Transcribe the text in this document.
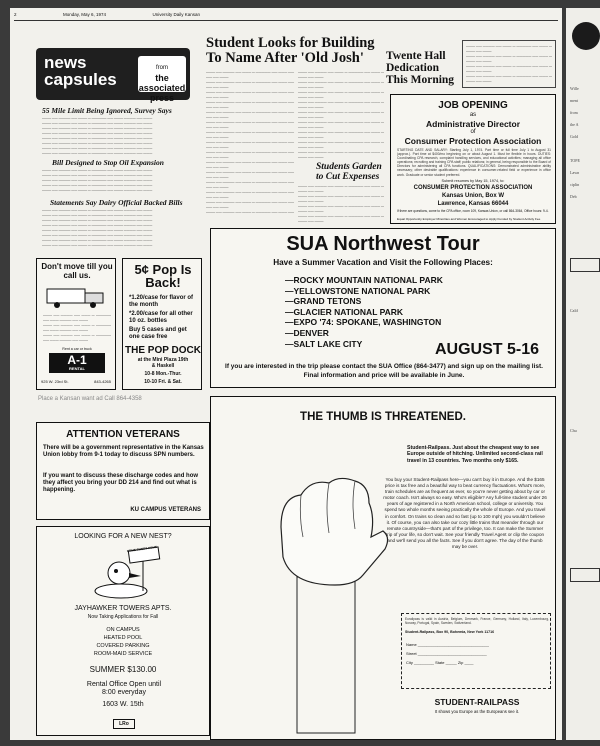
2	Monday, May 6, 1974	University Daily Kansan
news
capsules
from
the associated press
55 Mile Limit Being Ignored, Survey Says
▬▬▬ ▬▬ ▬▬▬▬ ▬▬ ▬▬▬ ▬ ▬▬▬▬▬ ▬▬ ▬▬▬ ▬▬▬▬ ▬▬ ▬▬▬
▬▬▬ ▬▬ ▬▬▬▬ ▬▬ ▬▬▬ ▬ ▬▬▬▬▬ ▬▬ ▬▬▬ ▬▬▬▬ ▬▬ ▬▬▬
▬▬▬ ▬▬ ▬▬▬▬ ▬▬ ▬▬▬ ▬ ▬▬▬▬▬ ▬▬ ▬▬▬ ▬▬▬▬ ▬▬ ▬▬▬
▬▬▬ ▬▬ ▬▬▬▬ ▬▬ ▬▬▬ ▬ ▬▬▬▬▬ ▬▬ ▬▬▬ ▬▬▬▬ ▬▬ ▬▬▬
▬▬▬ ▬▬ ▬▬▬▬ ▬▬ ▬▬▬ ▬ ▬▬▬▬▬ ▬▬ ▬▬▬ ▬▬▬▬ ▬▬ ▬▬▬
▬▬▬ ▬▬ ▬▬▬▬ ▬▬ ▬▬▬ ▬ ▬▬▬▬▬ ▬▬ ▬▬▬ ▬▬▬▬ ▬▬ ▬▬▬
▬▬▬ ▬▬ ▬▬▬▬ ▬▬ ▬▬▬ ▬ ▬▬▬▬▬ ▬▬ ▬▬▬ ▬▬▬▬ ▬▬ ▬▬▬
▬▬▬ ▬▬ ▬▬▬▬ ▬▬ ▬▬▬ ▬ ▬▬▬▬▬ ▬▬ ▬▬▬ ▬▬▬▬ ▬▬ ▬▬▬

Bill Designed to Stop Oil Expansion
▬▬▬ ▬▬ ▬▬▬▬ ▬▬ ▬▬▬ ▬ ▬▬▬▬▬ ▬▬ ▬▬▬ ▬▬▬▬ ▬▬ ▬▬▬
▬▬▬ ▬▬ ▬▬▬▬ ▬▬ ▬▬▬ ▬ ▬▬▬▬▬ ▬▬ ▬▬▬ ▬▬▬▬ ▬▬ ▬▬▬
▬▬▬ ▬▬ ▬▬▬▬ ▬▬ ▬▬▬ ▬ ▬▬▬▬▬ ▬▬ ▬▬▬ ▬▬▬▬ ▬▬ ▬▬▬
▬▬▬ ▬▬ ▬▬▬▬ ▬▬ ▬▬▬ ▬ ▬▬▬▬▬ ▬▬ ▬▬▬ ▬▬▬▬ ▬▬ ▬▬▬
▬▬▬ ▬▬ ▬▬▬▬ ▬▬ ▬▬▬ ▬ ▬▬▬▬▬ ▬▬ ▬▬▬ ▬▬▬▬ ▬▬ ▬▬▬

Statements Say Dairy Official Backed Bills
▬▬▬ ▬▬ ▬▬▬▬ ▬▬ ▬▬▬ ▬ ▬▬▬▬▬ ▬▬ ▬▬▬ ▬▬▬▬ ▬▬ ▬▬▬
▬▬▬ ▬▬ ▬▬▬▬ ▬▬ ▬▬▬ ▬ ▬▬▬▬▬ ▬▬ ▬▬▬ ▬▬▬▬ ▬▬ ▬▬▬
▬▬▬ ▬▬ ▬▬▬▬ ▬▬ ▬▬▬ ▬ ▬▬▬▬▬ ▬▬ ▬▬▬ ▬▬▬▬ ▬▬ ▬▬▬
▬▬▬ ▬▬ ▬▬▬▬ ▬▬ ▬▬▬ ▬ ▬▬▬▬▬ ▬▬ ▬▬▬ ▬▬▬▬ ▬▬ ▬▬▬
▬▬▬ ▬▬ ▬▬▬▬ ▬▬ ▬▬▬ ▬ ▬▬▬▬▬ ▬▬ ▬▬▬ ▬▬▬▬ ▬▬ ▬▬▬
▬▬▬ ▬▬ ▬▬▬▬ ▬▬ ▬▬▬ ▬ ▬▬▬▬▬ ▬▬ ▬▬▬ ▬▬▬▬ ▬▬ ▬▬▬
▬▬▬ ▬▬ ▬▬▬▬ ▬▬ ▬▬▬ ▬ ▬▬▬▬▬ ▬▬ ▬▬▬ ▬▬▬▬ ▬▬ ▬▬▬
▬▬▬ ▬▬ ▬▬▬▬ ▬▬ ▬▬▬ ▬ ▬▬▬▬▬ ▬▬ ▬▬▬ ▬▬▬▬ ▬▬ ▬▬▬

Student Looks for Building To Name After 'Old Josh'
▬▬▬ ▬▬ ▬▬▬▬ ▬▬ ▬▬▬ ▬ ▬▬▬▬▬ ▬▬ ▬▬▬ ▬▬▬▬ ▬▬ ▬▬▬
▬▬▬ ▬▬ ▬▬▬▬ ▬▬ ▬▬▬ ▬ ▬▬▬▬▬ ▬▬ ▬▬▬ ▬▬▬▬ ▬▬ ▬▬▬
▬▬▬ ▬▬ ▬▬▬▬ ▬▬ ▬▬▬ ▬ ▬▬▬▬▬ ▬▬ ▬▬▬ ▬▬▬▬ ▬▬ ▬▬▬
▬▬▬ ▬▬ ▬▬▬▬ ▬▬ ▬▬▬ ▬ ▬▬▬▬▬ ▬▬ ▬▬▬ ▬▬▬▬ ▬▬ ▬▬▬
▬▬▬ ▬▬ ▬▬▬▬ ▬▬ ▬▬▬ ▬ ▬▬▬▬▬ ▬▬ ▬▬▬ ▬▬▬▬ ▬▬ ▬▬▬
▬▬▬ ▬▬ ▬▬▬▬ ▬▬ ▬▬▬ ▬ ▬▬▬▬▬ ▬▬ ▬▬▬ ▬▬▬▬ ▬▬ ▬▬▬
▬▬▬ ▬▬ ▬▬▬▬ ▬▬ ▬▬▬ ▬ ▬▬▬▬▬ ▬▬ ▬▬▬ ▬▬▬▬ ▬▬ ▬▬▬
▬▬▬ ▬▬ ▬▬▬▬ ▬▬ ▬▬▬ ▬ ▬▬▬▬▬ ▬▬ ▬▬▬ ▬▬▬▬ ▬▬ ▬▬▬
▬▬▬ ▬▬ ▬▬▬▬ ▬▬ ▬▬▬ ▬ ▬▬▬▬▬ ▬▬ ▬▬▬ ▬▬▬▬ ▬▬ ▬▬▬
▬▬▬ ▬▬ ▬▬▬▬ ▬▬ ▬▬▬ ▬ ▬▬▬▬▬ ▬▬ ▬▬▬ ▬▬▬▬ ▬▬ ▬▬▬
▬▬▬ ▬▬ ▬▬▬▬ ▬▬ ▬▬▬ ▬ ▬▬▬▬▬ ▬▬ ▬▬▬ ▬▬▬▬ ▬▬ ▬▬▬
▬▬▬ ▬▬ ▬▬▬▬ ▬▬ ▬▬▬ ▬ ▬▬▬▬▬ ▬▬ ▬▬▬ ▬▬▬▬ ▬▬ ▬▬▬
▬▬▬ ▬▬ ▬▬▬▬ ▬▬ ▬▬▬ ▬ ▬▬▬▬▬ ▬▬ ▬▬▬ ▬▬▬▬ ▬▬ ▬▬▬
▬▬▬ ▬▬ ▬▬▬▬ ▬▬ ▬▬▬ ▬ ▬▬▬▬▬ ▬▬ ▬▬▬ ▬▬▬▬ ▬▬ ▬▬▬
▬▬▬ ▬▬ ▬▬▬▬ ▬▬ ▬▬▬ ▬ ▬▬▬▬▬ ▬▬ ▬▬▬ ▬▬

▬▬▬ ▬▬ ▬▬▬▬ ▬▬ ▬▬▬ ▬ ▬▬▬▬▬ ▬▬ ▬▬▬ ▬▬▬▬ ▬▬ ▬▬▬
▬▬▬ ▬▬ ▬▬▬▬ ▬▬ ▬▬▬ ▬ ▬▬▬▬▬ ▬▬ ▬▬▬ ▬▬▬▬ ▬▬ ▬▬▬
▬▬▬ ▬▬ ▬▬▬▬ ▬▬ ▬▬▬ ▬ ▬▬▬▬▬ ▬▬ ▬▬▬ ▬▬▬▬ ▬▬ ▬▬▬
▬▬▬ ▬▬ ▬▬▬▬ ▬▬ ▬▬▬ ▬ ▬▬▬▬▬ ▬▬ ▬▬▬ ▬▬▬▬ ▬▬ ▬▬▬
▬▬▬ ▬▬ ▬▬▬▬ ▬▬ ▬▬▬ ▬ ▬▬▬▬▬ ▬▬ ▬▬▬ ▬▬▬▬ ▬▬ ▬▬▬
▬▬▬ ▬▬ ▬▬▬▬ ▬▬ ▬▬▬ ▬ ▬▬▬▬▬ ▬▬ ▬▬▬ ▬▬▬▬ ▬▬ ▬▬▬
▬▬▬ ▬▬ ▬▬▬▬ ▬▬ ▬▬▬ ▬ ▬▬▬▬▬ ▬▬ ▬▬▬ ▬▬▬▬ ▬▬ ▬▬▬
▬▬▬ ▬▬ ▬▬▬▬ ▬▬ ▬▬▬ ▬ ▬▬▬▬▬ ▬▬ ▬▬▬ ▬▬▬▬ ▬▬ ▬▬▬
▬▬▬ ▬▬ ▬▬▬▬ ▬▬ ▬▬▬ ▬ ▬▬▬▬▬ ▬▬ ▬▬▬ ▬▬▬▬ ▬▬ ▬▬▬

Students Garden to Cut Expenses
▬▬▬ ▬▬ ▬▬▬▬ ▬▬ ▬▬▬ ▬ ▬▬▬▬▬ ▬▬ ▬▬▬ ▬▬▬▬ ▬▬ ▬▬▬
▬▬▬ ▬▬ ▬▬▬▬ ▬▬ ▬▬▬ ▬ ▬▬▬▬▬ ▬▬ ▬▬▬ ▬▬▬▬ ▬▬ ▬▬▬
▬▬▬ ▬▬ ▬▬▬▬ ▬▬ ▬▬▬ ▬ ▬▬▬▬▬ ▬▬ ▬▬▬ ▬▬▬▬ ▬▬ ▬▬▬
▬▬▬ ▬▬ ▬▬▬▬ ▬▬ ▬▬▬ ▬ ▬▬▬▬▬ ▬▬ ▬▬▬ ▬▬▬▬ ▬▬ ▬▬▬

Twente Hall Dedication This Morning
▬▬▬ ▬▬ ▬▬▬▬ ▬▬ ▬▬▬ ▬ ▬▬▬▬▬ ▬▬ ▬▬▬ ▬▬▬▬ ▬▬ ▬▬▬
▬▬▬ ▬▬ ▬▬▬▬ ▬▬ ▬▬▬ ▬ ▬▬▬▬▬ ▬▬ ▬▬▬ ▬▬▬▬ ▬▬ ▬▬▬
▬▬▬ ▬▬ ▬▬▬▬ ▬▬ ▬▬▬ ▬ ▬▬▬▬▬ ▬▬ ▬▬▬ ▬▬▬▬ ▬▬ ▬▬▬
▬▬▬ ▬▬ ▬▬▬▬ ▬▬ ▬▬▬ ▬ ▬▬▬▬▬ ▬▬ ▬▬▬ ▬▬▬▬ ▬▬ ▬▬▬

JOB OPENING
as
Administrative Director
of
Consumer Protection Association
STARTING DATE AND SALARY: Starting July 1, 1974. Part time or full time July 1 to August 31 (approx.). Part time at $400/mo beginning on or about August 1. Must be flexible in hours. DUTIES: Coordinating CPA research, complaint handling services, and educational activities; managing all office operations; recruiting and training CPA staff; public relations; in general, being responsible to the Board of Directors for administering all CPA functions. QUALIFICATIONS: Demonstrated administrative ability necessary; other desirable qualifications: experience in consumer-related field or experience in office work. Graduate or senior student preferred.
Submit resumes by May 15, 1974, to:
CONSUMER PROTECTION ASSOCIATION
Kansas Union, Box W
Lawrence, Kansas 66044
If there are questions, come to the CPA office, room 109, Kansas Union, or call 864-3064, Office hours: 9-4.
Equal Opportunity Employer Minorities and Women Encouraged to Apply Funded by Student Activity Fee
Don't move till you call us.
▬▬▬ ▬▬ ▬▬▬▬ ▬▬ ▬▬▬ ▬ ▬▬▬▬▬ ▬▬ ▬▬▬ ▬▬▬▬ ▬▬ ▬▬▬
▬▬▬ ▬▬ ▬▬▬▬ ▬▬ ▬▬▬ ▬ ▬▬▬▬▬ ▬▬ ▬▬▬ ▬▬▬▬ ▬▬ ▬▬▬
▬▬▬ ▬▬ ▬▬▬▬ ▬▬ ▬▬▬ ▬ ▬▬▬▬▬ ▬▬ ▬▬▬ ▬▬▬▬ ▬▬ ▬▬▬
▬▬▬ ▬▬ ▬▬▬▬ ▬▬ ▬▬▬ ▬ ▬▬▬▬▬

Rent a car or truck
A-1
RENTAL
925 W. 23rd St.	843-4265
5¢ Pop Is Back!
*1.20/case for flavor of the month
*2.00/case for all other 10 oz. bottles
Buy 5 cases and get one case free
THE POP DOCK
at the Mini Plaza 19th & Haskell
10-8 Mon.-Thur.
10-10 Fri. & Sat.
Place a Kansan want ad Call 864-4358
ATTENTION VETERANS
There will be a government representative in the Kansas Union lobby from 9-1 today to discuss SPN numbers.
If you want to discuss these discharge codes and how they affect you bring your DD 214 and find out what is happening.
KU CAMPUS VETERANS
LOOKING FOR A NEW NEST?
HOME SWEET HOME
JAYHAWKER TOWERS APTS.
Now Taking Applications for Fall
ON CAMPUS
HEATED POOL
COVERED PARKING
ROOM-MAID SERVICE
SUMMER $130.00
Rental Office Open until 8:00 everyday
1603 W. 15th
LRo
SUA Northwest Tour
Have a Summer Vacation and Visit the Following Places:
—ROCKY MOUNTAIN NATIONAL PARK
—YELLOWSTONE NATIONAL PARK
—GRAND TETONS
—GLACIER NATIONAL PARK
—EXPO '74: SPOKANE, WASHINGTON
—DENVER
—SALT LAKE CITY	AUGUST 5-16
If you are interested in the trip please contact the SUA Office (864-3477) and sign up on the mailing list. Final information and price will be available in June.
THE THUMB IS THREATENED.
Student-Railpass. Just about the cheapest way to see Europe outside of hitching. Unlimited second-class rail travel in 13 countries. Two months only $165.
You buy your Student-Railpass here—you can't buy it in Europe. And the $165 price is tax free and a beautiful way to beat currency fluctuations. What's more, train schedules are as frequent as ever, so you're never getting about by car or motor coach. Isn't always so easy. Who's eligible? Any full-time student under 26 years of age registered in a North American school, college or university. You spend two whole months seeing practically the whole of Europe. And you travel in comfort. On trains so clean and so fast (up to 100 mph) you wouldn't believe it. Of course, you can also take our cozy little trains that meander through our remote countryside—that's part of the privilege, too. It can make the Summer trip of your life, so don't wait. See your friendly Travel Agent or clip the coupon and we'll send you all the facts. See if you don't agree. The day of the thumb may be over.
Eurailpass is valid in Austria, Belgium, Denmark, France, Germany, Holland, Italy, Luxembourg, Norway, Portugal, Spain, Sweden, Switzerland.
Student-Railpass, Box 90, Bohemia, New York 11716
Name ________________________________
Street _______________________________
City _________ State _____ Zip ____
STUDENT-RAILPASS
It shows you Europe as the Europeans see it.
Wille
ment
from
the A
Gold
TOPE
Lawn
ciplin
Deb
Calif
Chu
